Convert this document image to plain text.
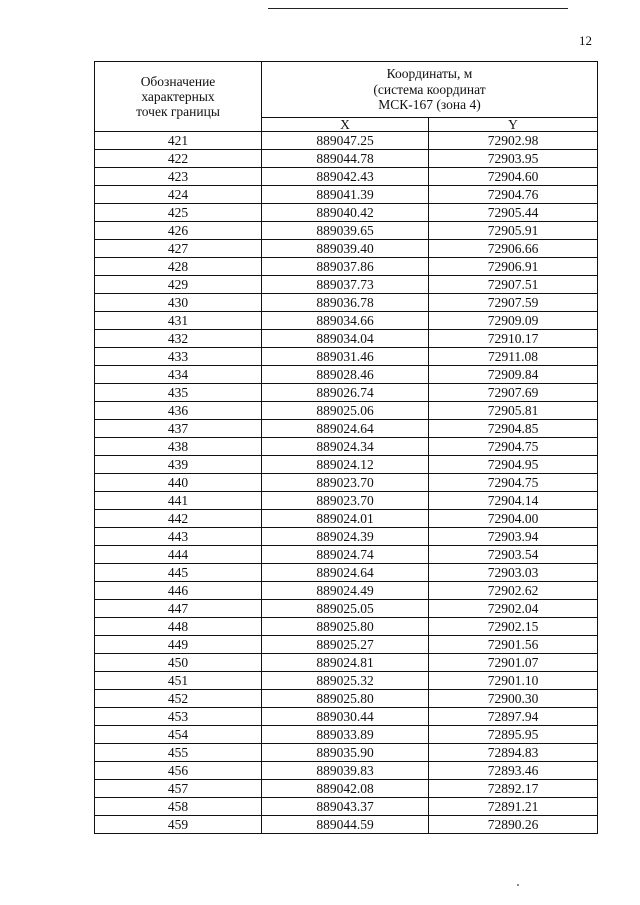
12
Обозначение
характерных
точек границы	Координаты, м
(система координат
МСК-167 (зона 4)	
	X	Y
421	889047.25	72902.98
422	889044.78	72903.95
423	889042.43	72904.60
424	889041.39	72904.76
425	889040.42	72905.44
426	889039.65	72905.91
427	889039.40	72906.66
428	889037.86	72906.91
429	889037.73	72907.51
430	889036.78	72907.59
431	889034.66	72909.09
432	889034.04	72910.17
433	889031.46	72911.08
434	889028.46	72909.84
435	889026.74	72907.69
436	889025.06	72905.81
437	889024.64	72904.85
438	889024.34	72904.75
439	889024.12	72904.95
440	889023.70	72904.75
441	889023.70	72904.14
442	889024.01	72904.00
443	889024.39	72903.94
444	889024.74	72903.54
445	889024.64	72903.03
446	889024.49	72902.62
447	889025.05	72902.04
448	889025.80	72902.15
449	889025.27	72901.56
450	889024.81	72901.07
451	889025.32	72901.10
452	889025.80	72900.30
453	889030.44	72897.94
454	889033.89	72895.95
455	889035.90	72894.83
456	889039.83	72893.46
457	889042.08	72892.17
458	889043.37	72891.21
459	889044.59	72890.26
